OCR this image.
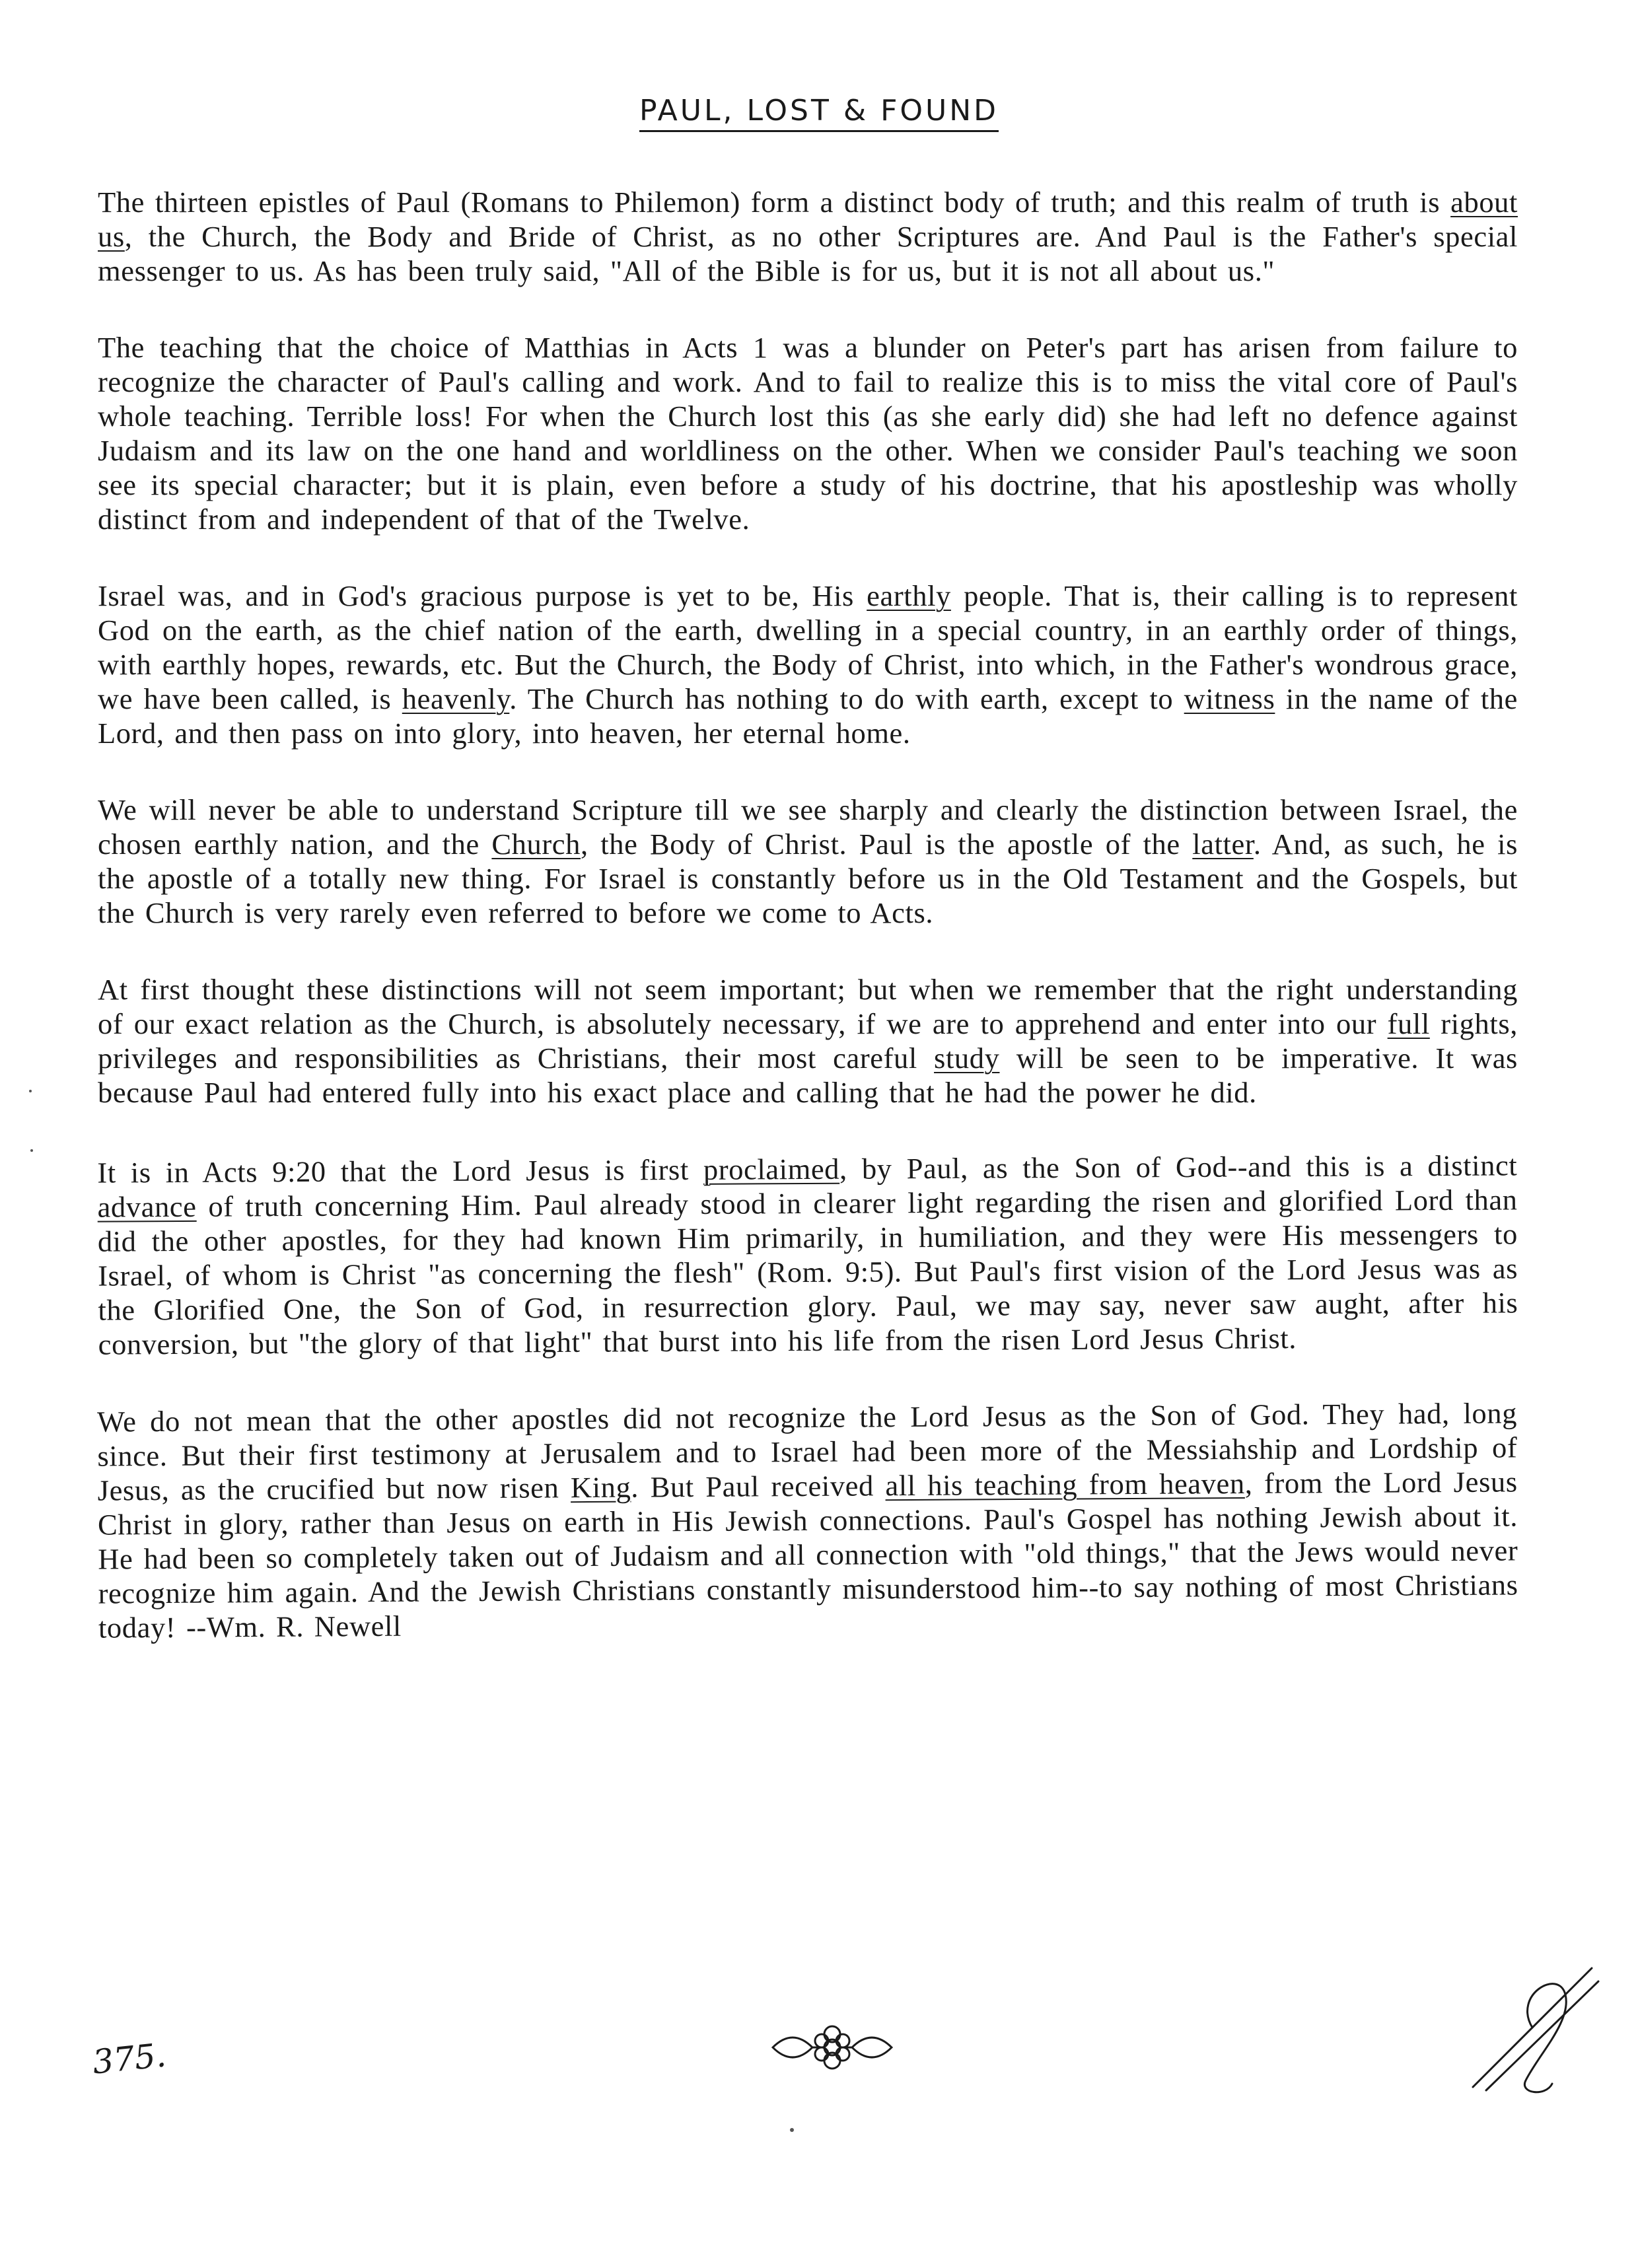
PAUL, LOST & FOUND

The thirteen epistles of Paul (Romans to Philemon) form a distinct body of truth; and this realm of truth is about us, the Church, the Body and Bride of Christ, as no other Scriptures are. And Paul is the Father's special messenger to us. As has been truly said, "All of the Bible is for us, but it is not all about us."

The teaching that the choice of Matthias in Acts 1 was a blunder on Peter's part has arisen from failure to recognize the character of Paul's calling and work. And to fail to realize this is to miss the vital core of Paul's whole teaching. Terrible loss! For when the Church lost this (as she early did) she had left no defence against Judaism and its law on the one hand and worldliness on the other. When we consider Paul's teaching we soon see its special character; but it is plain, even before a study of his doctrine, that his apostleship was wholly distinct from and independent of that of the Twelve.

Israel was, and in God's gracious purpose is yet to be, His earthly people. That is, their calling is to represent God on the earth, as the chief nation of the earth, dwelling in a special country, in an earthly order of things, with earthly hopes, rewards, etc. But the Church, the Body of Christ, into which, in the Father's wondrous grace, we have been called, is heavenly. The Church has nothing to do with earth, except to witness in the name of the Lord, and then pass on into glory, into heaven, her eternal home.

We will never be able to understand Scripture till we see sharply and clearly the distinction between Israel, the chosen earthly nation, and the Church, the Body of Christ. Paul is the apostle of the latter. And, as such, he is the apostle of a totally new thing. For Israel is constantly before us in the Old Testament and the Gospels, but the Church is very rarely even referred to before we come to Acts.

At first thought these distinctions will not seem important; but when we remember that the right understanding of our exact relation as the Church, is absolutely necessary, if we are to apprehend and enter into our full rights, privileges and responsibilities as Christians, their most careful study will be seen to be imperative. It was because Paul had entered fully into his exact place and calling that he had the power he did.

It is in Acts 9:20 that the Lord Jesus is first proclaimed, by Paul, as the Son of God--and this is a distinct advance of truth concerning Him. Paul already stood in clearer light regarding the risen and glorified Lord than did the other apostles, for they had known Him primarily, in humiliation, and they were His messengers to Israel, of whom is Christ "as concerning the flesh" (Rom. 9:5). But Paul's first vision of the Lord Jesus was as the Glorified One, the Son of God, in resurrection glory. Paul, we may say, never saw aught, after his conversion, but "the glory of that light" that burst into his life from the risen Lord Jesus Christ.

We do not mean that the other apostles did not recognize the Lord Jesus as the Son of God. They had, long since. But their first testimony at Jerusalem and to Israel had been more of the Messiahship and Lordship of Jesus, as the crucified but now risen King. But Paul received all his teaching from heaven, from the Lord Jesus Christ in glory, rather than Jesus on earth in His Jewish connections. Paul's Gospel has nothing Jewish about it. He had been so completely taken out of Judaism and all connection with "old things," that the Jews would never recognize him again. And the Jewish Christians constantly misunderstood him--to say nothing of most Christians today! --Wm. R. Newell

375.
